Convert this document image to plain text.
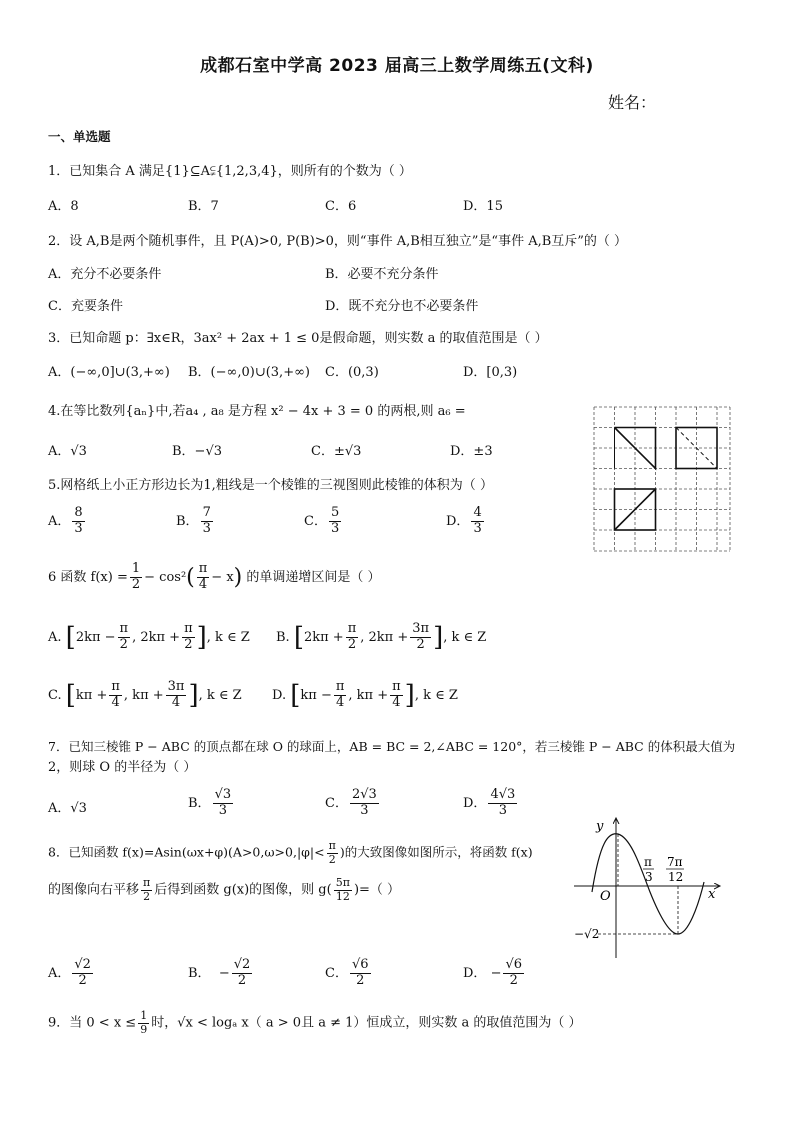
成都石室中学高 2023 届高三上数学周练五(文科)
姓名：
一、单选题
1．已知集合 A 满足{1}⊆A⫋{1,2,3,4}，则所有的个数为（ ）
A．8	B．7	C．6	D．15
2．设 A,B是两个随机事件，且 P(A)>0, P(B)>0，则“事件 A,B相互独立”是“事件 A,B互斥”的（ ）
A．充分不必要条件	B．必要不充分条件
C．充要条件	D．既不充分也不必要条件
3．已知命题 p：∃x∈R，3ax² + 2ax + 1 ≤ 0是假命题，则实数 a 的取值范围是（ ）
A．(−∞,0]∪(3,+∞) B．(−∞,0)∪(3,+∞) C．(0,3)	D．[0,3)
4.在等比数列{aₙ}中,若a₄ , a₈ 是方程 x² − 4x + 3 = 0 的两根,则 a₆ =
A．√3	B．−√3	C．±√3	D．±3
5.网格纸上小正方形边长为1,粗线是一个棱锥的三视图则此棱锥的体积为（ ）
A． $\frac{8}{3}$	B． $\frac{7}{3}$	C． $\frac{5}{3}$	D． $\frac{4}{3}$
6 函数 $f(x) = \frac{1}{2} - \cos^2( \frac{\pi}{4} - x)$ 的单调递增区间是（ ）
A. [$2k\pi - \frac{\pi}{2}$ , $2k\pi + \frac{\pi}{2}$ ], k ∈ Z B. [$2k\pi + \frac{\pi}{2}$ , $2k\pi + \frac{3\pi}{2}$ ], k ∈ Z
C. [$k\pi + \frac{\pi}{4}$ , $k\pi + \frac{3\pi}{4}$ ], k ∈ Z D. [$k\pi - \frac{\pi}{4}$ , $k\pi + \frac{\pi}{4}$ ], k ∈ Z
7．已知三棱锥 P − ABC 的顶点都在球 O 的球面上，AB = BC = 2,∠ABC = 120°，若三棱锥 P − ABC 的体积最大值为
2，则球 O 的半径为（ ）
A．√3	B． $\frac{√3}{3}$	C． $\frac{2√3}{3}$	D． $\frac{4√3}{3}$
8．已知函数 $f(x)=Asin(\omega x+\varphi)(A>0,\omega>0,|\varphi|< \frac{\pi}{2}$ )的大致图像如图所示，将函数 f(x)
的图像向右平移 $\frac{\pi}{2}$ 后得到函数 g(x)的图像，则 $g( \frac{5\pi}{12}$ )=（ ）
y
x
O
π
3
7π
12
−√2
A． $\frac{√2}{2}$	B． − $\frac{√2}{2}$	C． $\frac{√6}{2}$	D． − $\frac{√6}{2}$
9．当 $0 < x \le \frac{1}{9}$ 时，√x < logₐ x（ a > 0且 a ≠ 1）恒成立，则实数 a 的取值范围为（ ）
